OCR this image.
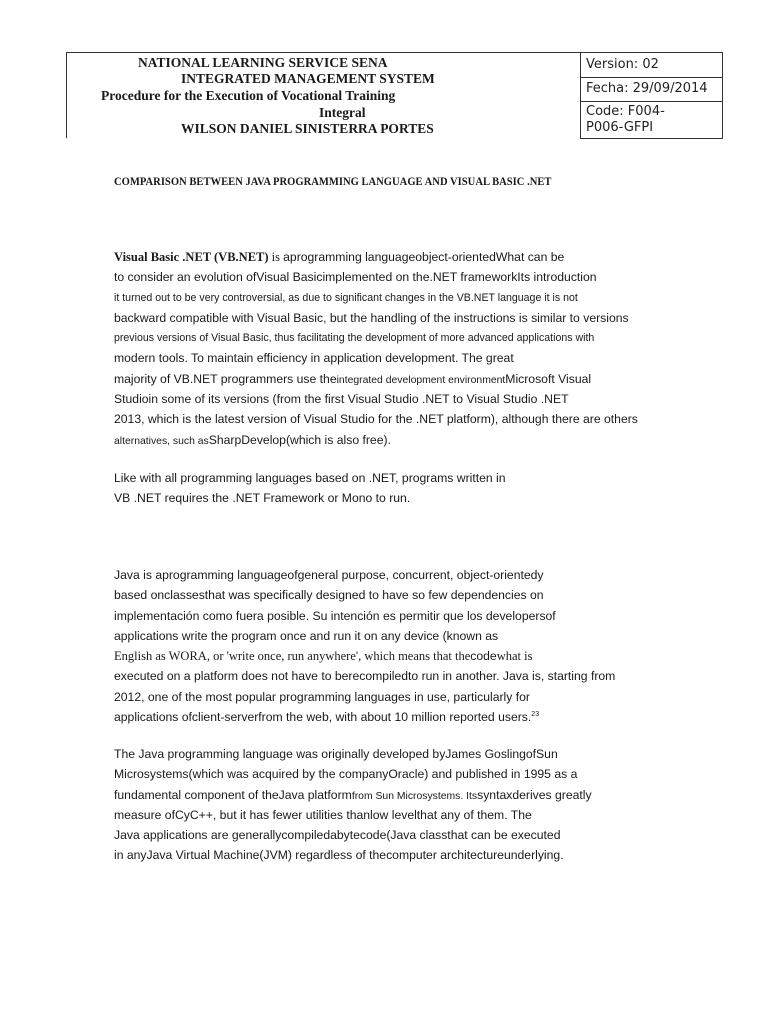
NATIONAL LEARNING SERVICE SENA
INTEGRATED MANAGEMENT SYSTEM
Procedure for the Execution of Vocational Training
Integral
WILSON DANIEL SINISTERRA PORTES
Version: 02
Fecha: 29/09/2014
Code: F004-
P006-GFPI
COMPARISON BETWEEN JAVA PROGRAMMING LANGUAGE AND VISUAL BASIC .NET
Visual Basic .NET (VB.NET) is aprogramming languageobject-orientedWhat can be
to consider an evolution ofVisual Basicimplemented on the.NET frameworkIts introduction
it turned out to be very controversial, as due to significant changes in the VB.NET language it is not
backward compatible with Visual Basic, but the handling of the instructions is similar to versions
previous versions of Visual Basic, thus facilitating the development of more advanced applications with
modern tools. To maintain efficiency in application development. The great
majority of VB.NET programmers use theintegrated development environmentMicrosoft Visual
Studioin some of its versions (from the first Visual Studio .NET to Visual Studio .NET
2013, which is the latest version of Visual Studio for the .NET platform), although there are others
alternatives, such asSharpDevelop(which is also free).
Like with all programming languages based on .NET, programs written in
VB .NET requires the .NET Framework or Mono to run.
Java is aprogramming languageofgeneral purpose, concurrent, object-orientedy
based onclassesthat was specifically designed to have so few dependencies on
implementación como fuera posible. Su intención es permitir que los developersof
applications write the program once and run it on any device (known as
English as WORA, or 'write once, run anywhere', which means that thecodewhat is
executed on a platform does not have to berecompiledto run in another. Java is, starting from
2012, one of the most popular programming languages in use, particularly for
applications ofclient-serverfrom the web, with about 10 million reported users.$^{23}$
The Java programming language was originally developed byJames GoslingofSun
Microsystems(which was acquired by the companyOracle) and published in 1995 as a
fundamental component of theJava platformfrom Sun Microsystems. Itssyntaxderives greatly
measure ofCyC++, but it has fewer utilities thanlow levelthat any of them. The
Java applications are generallycompiledabytecode(Java classthat can be executed
in anyJava Virtual Machine(JVM) regardless of thecomputer architectureunderlying.
